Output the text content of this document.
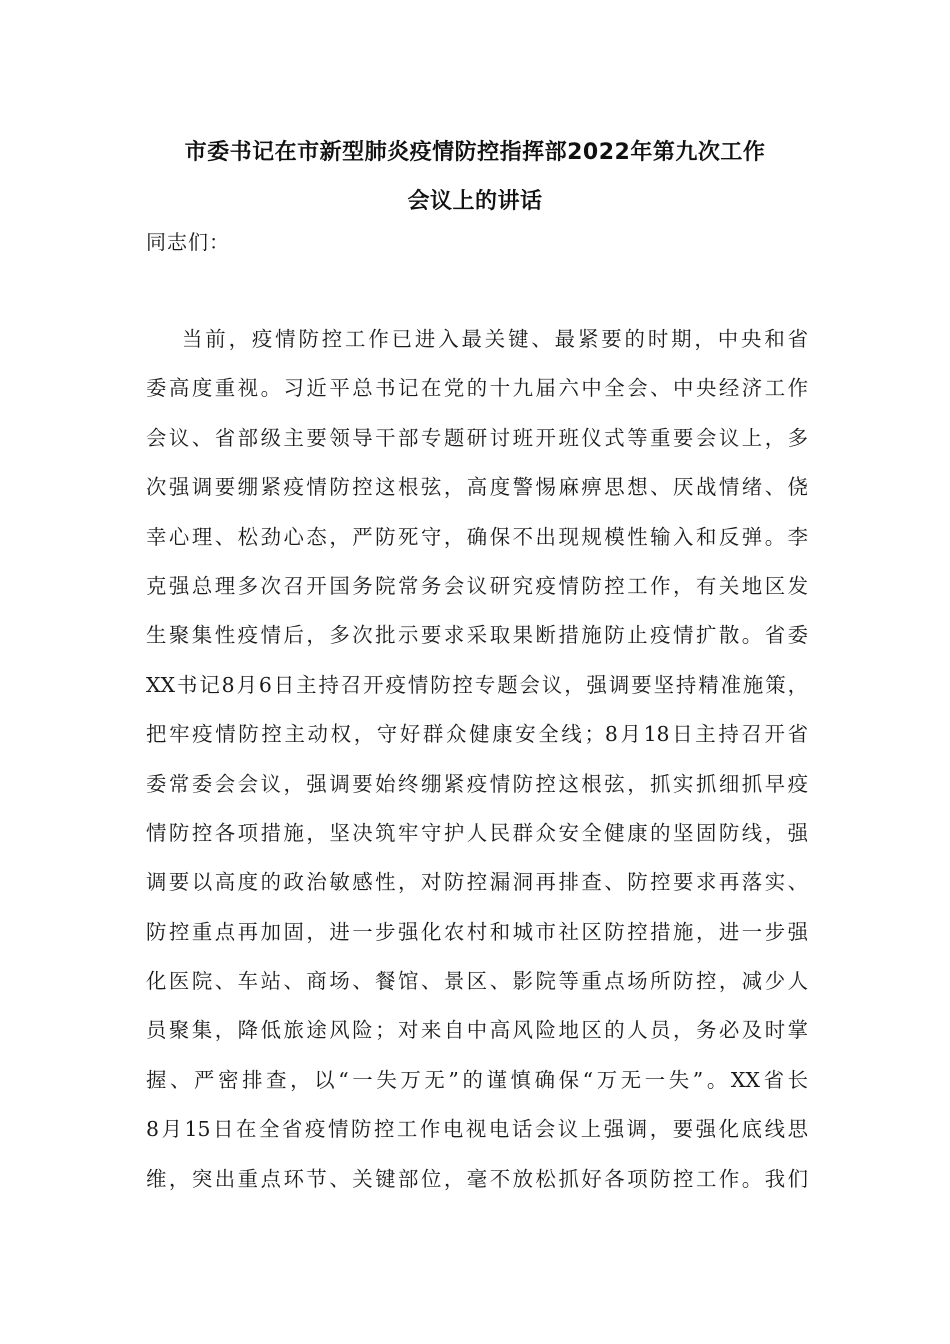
市委书记在市新型肺炎疫情防控指挥部2022年第九次工作
会议上的讲话
同志们：
当前，疫情防控工作已进入最关键、最紧要的时期，中央和省
委高度重视。习近平总书记在党的十九届六中全会、中央经济工作
会议、省部级主要领导干部专题研讨班开班仪式等重要会议上，多
次强调要绷紧疫情防控这根弦，高度警惕麻痹思想、厌战情绪、侥
幸心理、松劲心态，严防死守，确保不出现规模性输入和反弹。李
克强总理多次召开国务院常务会议研究疫情防控工作，有关地区发
生聚集性疫情后，多次批示要求采取果断措施防止疫情扩散。省委
XX书记8月6日主持召开疫情防控专题会议，强调要坚持精准施策，
把牢疫情防控主动权，守好群众健康安全线；8月18日主持召开省
委常委会会议，强调要始终绷紧疫情防控这根弦，抓实抓细抓早疫
情防控各项措施，坚决筑牢守护人民群众安全健康的坚固防线，强
调要以高度的政治敏感性，对防控漏洞再排查、防控要求再落实、
防控重点再加固，进一步强化农村和城市社区防控措施，进一步强
化医院、车站、商场、餐馆、景区、影院等重点场所防控，减少人
员聚集，降低旅途风险；对来自中高风险地区的人员，务必及时掌
握、严密排查，以“一失万无”的谨慎确保“万无一失”。XX省长
8月15日在全省疫情防控工作电视电话会议上强调，要强化底线思
维，突出重点环节、关键部位，毫不放松抓好各项防控工作。我们
